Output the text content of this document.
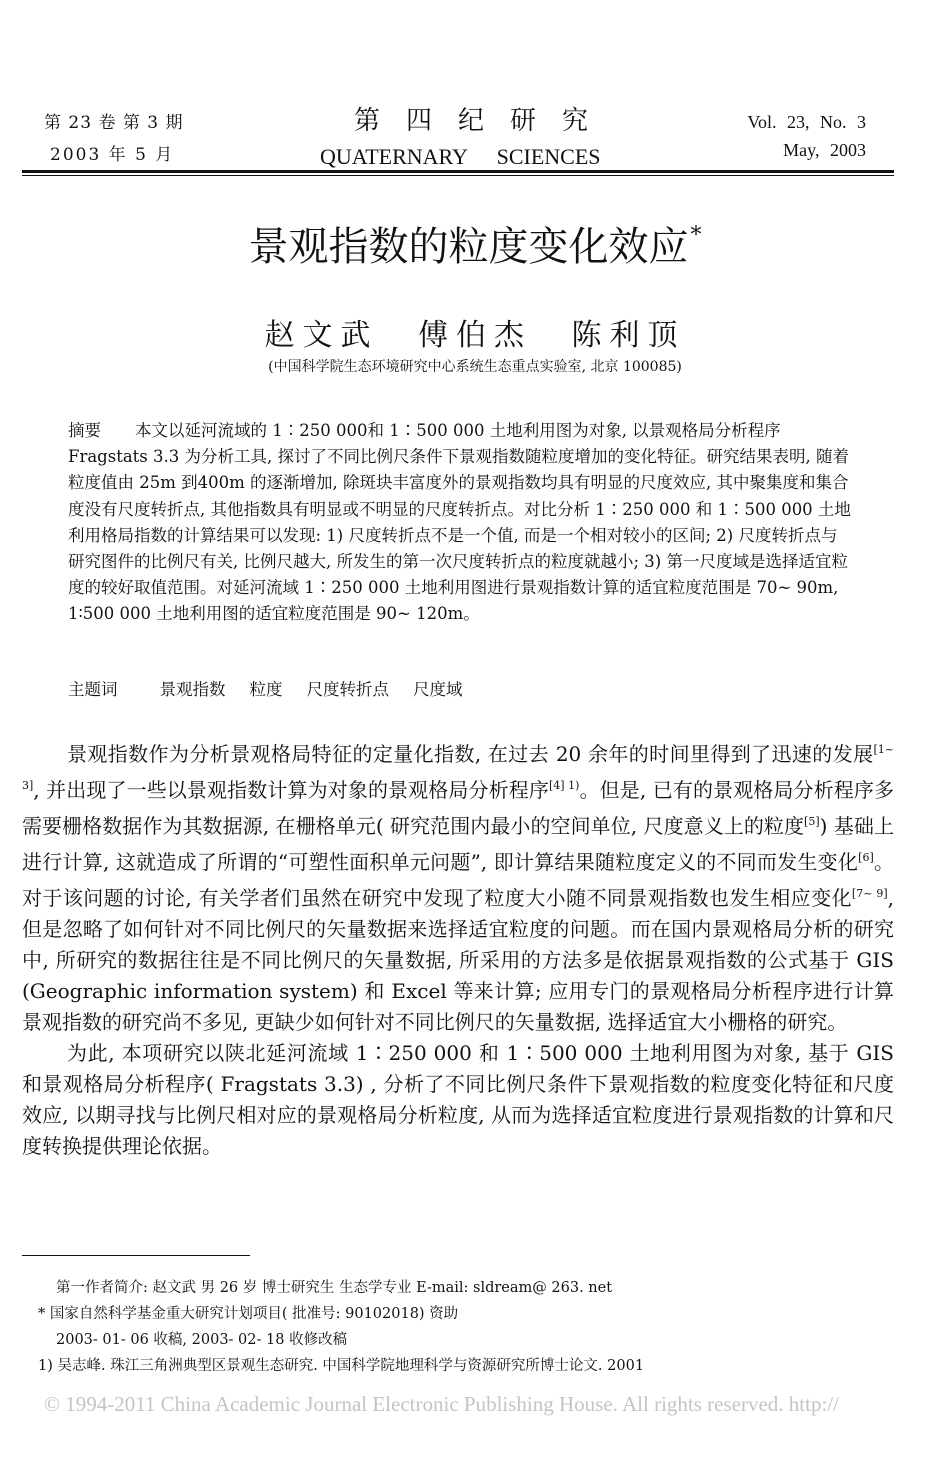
第 23 卷 第 3 期
2003 年 5 月
第四纪研究
QUATERNARY SCIENCES
Vol. 23, No. 3
May, 2003
景观指数的粒度变化效应*
赵文武 傅伯杰 陈利顶
(中国科学院生态环境研究中心系统生态重点实验室, 北京 100085)
摘要 本文以延河流域的 1∶250 000和 1∶500 000 土地利用图为对象, 以景观格局分析程序 Fragstats 3.3 为分析工具, 探讨了不同比例尺条件下景观指数随粒度增加的变化特征。研究结果表明, 随着粒度值由 25m 到400m 的逐渐增加, 除斑块丰富度外的景观指数均具有明显的尺度效应, 其中聚集度和集合度没有尺度转折点, 其他指数具有明显或不明显的尺度转折点。对比分析 1∶250 000 和 1∶500 000 土地利用格局指数的计算结果可以发现: 1) 尺度转折点不是一个值, 而是一个相对较小的区间; 2) 尺度转折点与研究图件的比例尺有关, 比例尺越大, 所发生的第一次尺度转折点的粒度就越小; 3) 第一尺度域是选择适宜粒度的较好取值范围。对延河流域 1∶250 000 土地利用图进行景观指数计算的适宜粒度范围是 70~ 90m, 1∶500 000 土地利用图的适宜粒度范围是 90~ 120m。
主题词	景观指数 粒度 尺度转折点 尺度域

景观指数作为分析景观格局特征的定量化指数, 在过去 20 余年的时间里得到了迅速的发展[1~ 3], 并出现了一些以景观指数计算为对象的景观格局分析程序$^{[4] 1)}$。但是, 已有的景观格局分析程序多需要栅格数据作为其数据源, 在栅格单元( 研究范围内最小的空间单位, 尺度意义上的粒度[5]) 基础上进行计算, 这就造成了所谓的“可塑性面积单元问题”, 即计算结果随粒度定义的不同而发生变化[6]。对于该问题的讨论, 有关学者们虽然在研究中发现了粒度大小随不同景观指数也发生相应变化[7~ 9], 但是忽略了如何针对不同比例尺的矢量数据来选择适宜粒度的问题。而在国内景观格局分析的研究中, 所研究的数据往往是不同比例尺的矢量数据, 所采用的方法多是依据景观指数的公式基于 GIS (Geographic information system) 和 Excel 等来计算; 应用专门的景观格局分析程序进行计算景观指数的研究尚不多见, 更缺少如何针对不同比例尺的矢量数据, 选择适宜大小栅格的研究。

为此, 本项研究以陕北延河流域 1∶250 000 和 1∶500 000 土地利用图为对象, 基于 GIS 和景观格局分析程序( Fragstats 3.3) , 分析了不同比例尺条件下景观指数的粒度变化特征和尺度效应, 以期寻找与比例尺相对应的景观格局分析粒度, 从而为选择适宜粒度进行景观指数的计算和尺度转换提供理论依据。

第一作者简介: 赵文武 男 26 岁 博士研究生 生态学专业 E-mail: sldream@ 263. net
* 国家自然科学基金重大研究计划项目( 批准号: 90102018) 资助
2003- 01- 06 收稿, 2003- 02- 18 收修改稿
1) 吴志峰. 珠江三角洲典型区景观生态研究. 中国科学院地理科学与资源研究所博士论文. 2001
© 1994-2011 China Academic Journal Electronic Publishing House. All rights reserved. http://
